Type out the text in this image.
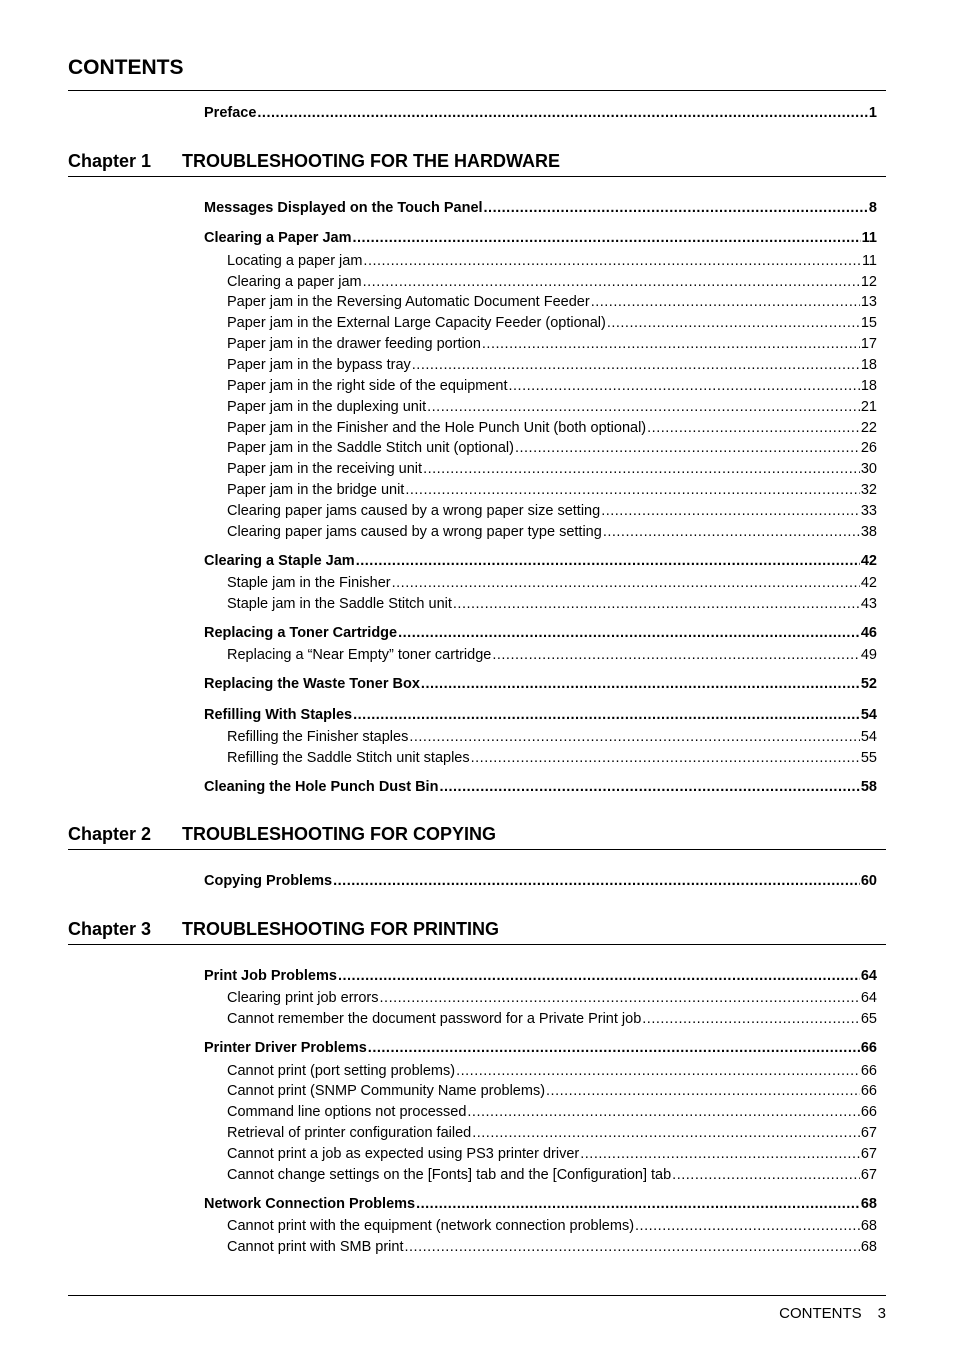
CONTENTS
Preface .....	1
Chapter 1 TROUBLESHOOTING FOR THE HARDWARE
Messages Displayed on the Touch Panel .....	8
Clearing a Paper Jam .....	11
Locating a paper jam .....	11
Clearing a paper jam .....	12
Paper jam in the Reversing Automatic Document Feeder .....	13
Paper jam in the External Large Capacity Feeder (optional) .....	15
Paper jam in the drawer feeding portion .....	17
Paper jam in the bypass tray .....	18
Paper jam in the right side of the equipment .....	18
Paper jam in the duplexing unit .....	21
Paper jam in the Finisher and the Hole Punch Unit (both optional) .....	22
Paper jam in the Saddle Stitch unit (optional) .....	26
Paper jam in the receiving unit .....	30
Paper jam in the bridge unit .....	32
Clearing paper jams caused by a wrong paper size setting .....	33
Clearing paper jams caused by a wrong paper type setting .....	38
Clearing a Staple Jam .....	42
Staple jam in the Finisher .....	42
Staple jam in the Saddle Stitch unit .....	43
Replacing a Toner Cartridge .....	46
Replacing a “Near Empty” toner cartridge .....	49
Replacing the Waste Toner Box .....	52
Refilling With Staples .....	54
Refilling the Finisher staples .....	54
Refilling the Saddle Stitch unit staples .....	55
Cleaning the Hole Punch Dust Bin .....	58
Chapter 2 TROUBLESHOOTING FOR COPYING
Copying Problems .....	60
Chapter 3 TROUBLESHOOTING FOR PRINTING
Print Job Problems .....	64
Clearing print job errors .....	64
Cannot remember the document password for a Private Print job .....	65
Printer Driver Problems .....	66
Cannot print (port setting problems) .....	66
Cannot print (SNMP Community Name problems) .....	66
Command line options not processed .....	66
Retrieval of printer configuration failed .....	67
Cannot print a job as expected using PS3 printer driver .....	67
Cannot change settings on the [Fonts] tab and the [Configuration] tab .....	67
Network Connection Problems .....	68
Cannot print with the equipment (network connection problems) .....	68
Cannot print with SMB print .....	68
CONTENTS 3
